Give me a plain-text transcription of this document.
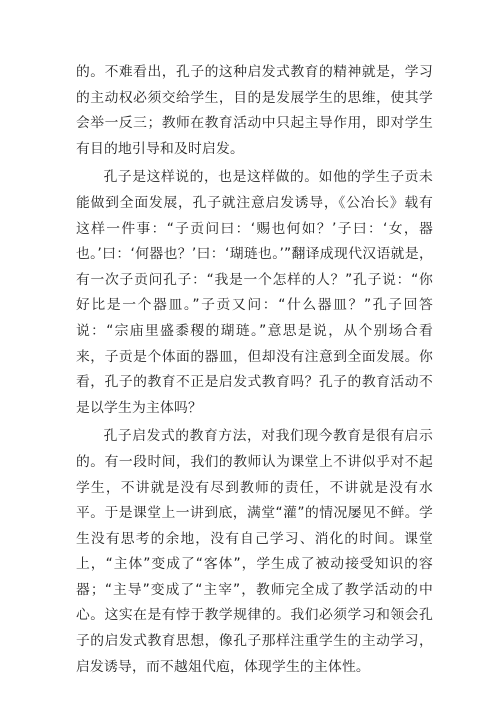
的。不难看出，孔子的这种启发式教育的精神就是，学习的主动权必须交给学生，目的是发展学生的思维，使其学会举一反三；教师在教育活动中只起主导作用，即对学生有目的地引导和及时启发。

孔子是这样说的，也是这样做的。如他的学生子贡未能做到全面发展，孔子就注意启发诱导，《公冶长》载有这样一件事：“子贡问曰：‘赐也何如？’子曰：‘女，器也。’曰：‘何器也？’曰：‘瑚琏也。’”翻译成现代汉语就是，有一次子贡问孔子：“我是一个怎样的人？”孔子说：“你好比是一个器皿。”子贡又问：“什么器皿？”孔子回答说：“宗庙里盛黍稷的瑚琏。”意思是说，从个别场合看来，子贡是个体面的器皿，但却没有注意到全面发展。你看，孔子的教育不正是启发式教育吗？孔子的教育活动不是以学生为主体吗？

孔子启发式的教育方法，对我们现今教育是很有启示的。有一段时间，我们的教师认为课堂上不讲似乎对不起学生，不讲就是没有尽到教师的责任，不讲就是没有水平。于是课堂上一讲到底，满堂“灌”的情况屡见不鲜。学生没有思考的余地，没有自己学习、消化的时间。课堂上，“主体”变成了“客体”，学生成了被动接受知识的容器；“主导”变成了“主宰”，教师完全成了教学活动的中心。这实在是有悖于教学规律的。我们必须学习和领会孔子的启发式教育思想，像孔子那样注重学生的主动学习，启发诱导，而不越俎代庖，体现学生的主体性。
